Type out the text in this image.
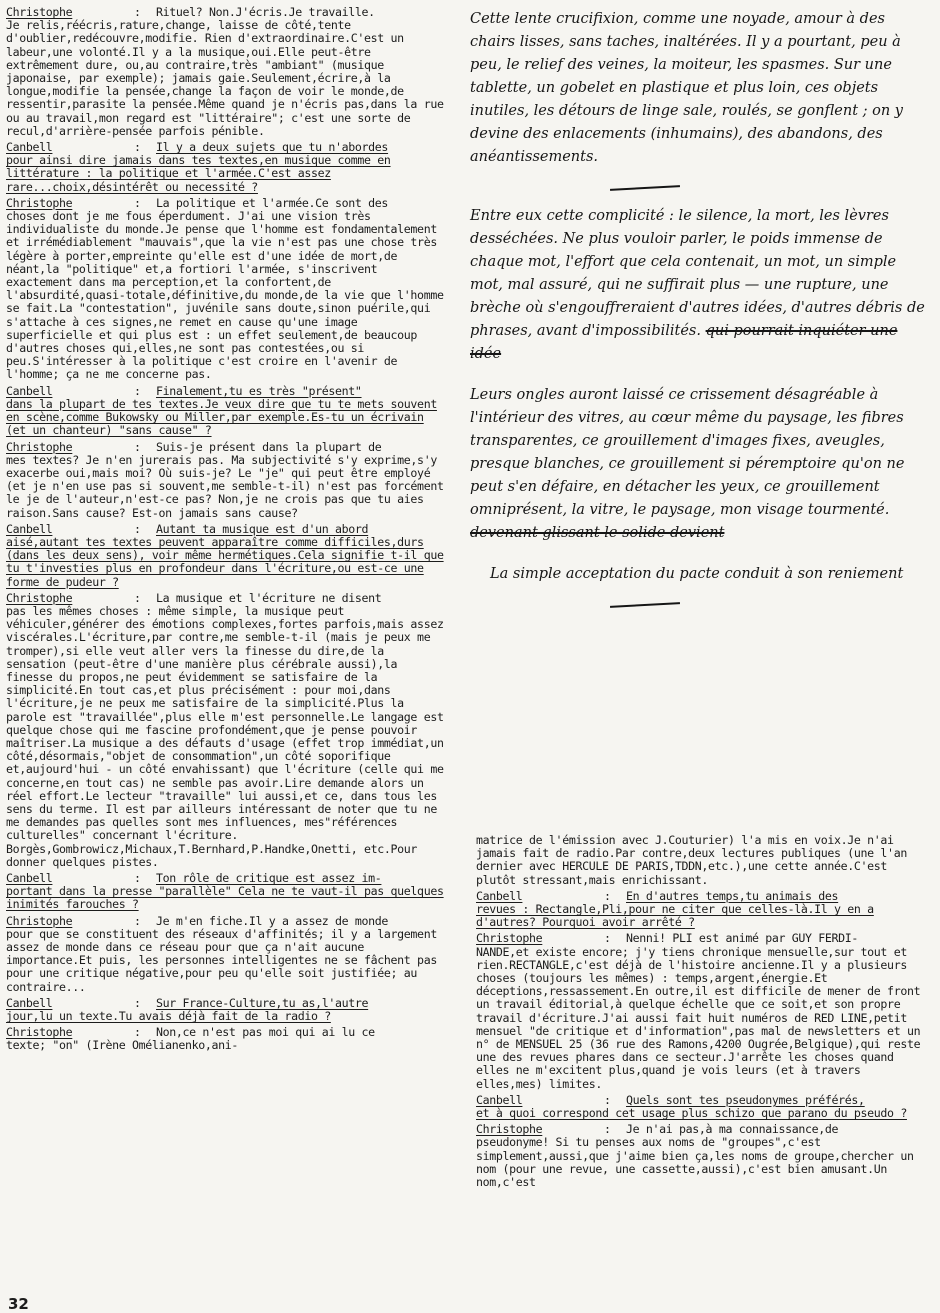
Christophe	:	Rituel? Non.J'écris.Je travaille.
Je relis,réécris,rature,change, laisse de côté,tente d'oublier,redécouvre,modifie. Rien d'extraordinaire.C'est un labeur,une volonté.Il y a la musique,oui.Elle peut-être extrêmement dure, ou,au contraire,très "ambiant" (musique japonaise, par exemple); jamais gaie.Seulement,écrire,à la longue,modifie la pensée,change la façon de voir le monde,de ressentir,parasite la pensée.Même quand je n'écris pas,dans la rue ou au travail,mon regard est "littéraire"; c'est une sorte de recul,d'arrière-pensée parfois pénible.
Canbell	:	Il y a deux sujets que tu n'abordes
pour ainsi dire jamais dans tes textes,en musique comme en littérature : la politique et l'armée.C'est assez rare...choix,désintérêt ou necessité ?
Christophe	:	La politique et l'armée.Ce sont des
choses dont je me fous éperdument. J'ai une vision très individualiste du monde.Je pense que l'homme est fondamentalement et irrémédiablement "mauvais",que la vie n'est pas une chose très légère à porter,empreinte qu'elle est d'une idée de mort,de néant,la "politique" et,a fortiori l'armée, s'inscrivent exactement dans ma perception,et la confortent,de l'absurdité,quasi-totale,définitive,du monde,de la vie que l'homme se fait.La "contestation", juvénile sans doute,sinon puérile,qui s'attache à ces signes,ne remet en cause qu'une image superficielle et qui plus est : un effet seulement,de beaucoup d'autres choses qui,elles,ne sont pas contestées,ou si peu.S'intéresser à la politique c'est croire en l'avenir de l'homme; ça ne me concerne pas.
Canbell	:	Finalement,tu es très "présent"
dans la plupart de tes textes.Je veux dire que tu te mets souvent en scène,comme Bukowsky ou Miller,par exemple.Es-tu un écrivain (et un chanteur) "sans cause" ?
Christophe	:	Suis-je présent dans la plupart de
mes textes? Je n'en jurerais pas. Ma subjectivité s'y exprime,s'y exacerbe oui,mais moi? Où suis-je? Le "je" qui peut être employé (et je n'en use pas si souvent,me semble-t-il) n'est pas forcément le je de l'auteur,n'est-ce pas? Non,je ne crois pas que tu aies raison.Sans cause? Est-on jamais sans cause?
Canbell	:	Autant ta musique est d'un abord
aisé,autant tes textes peuvent apparaître comme difficiles,durs (dans les deux sens), voir même hermétiques.Cela signifie t-il que tu t'investies plus en profondeur dans l'écriture,ou est-ce une forme de pudeur ?
Christophe	:	La musique et l'écriture ne disent
pas les mêmes choses : même simple, la musique peut véhiculer,générer des émotions complexes,fortes parfois,mais assez viscérales.L'écriture,par contre,me semble-t-il (mais je peux me tromper),si elle veut aller vers la finesse du dire,de la sensation (peut-être d'une manière plus cérébrale aussi),la finesse du propos,ne peut évidemment se satisfaire de la simplicité.En tout cas,et plus précisément : pour moi,dans l'écriture,je ne peux me satisfaire de la simplicité.Plus la parole est "travaillée",plus elle m'est personnelle.Le langage est quelque chose qui me fascine profondément,que je pense pouvoir maîtriser.La musique a des défauts d'usage (effet trop immédiat,un côté,désormais,"objet de consommation",un côté soporifique et,aujourd'hui - un côté envahissant) que l'écriture (celle qui me concerne,en tout cas) ne semble pas avoir.Lire demande alors un réel effort.Le lecteur "travaille" lui aussi,et ce, dans tous les sens du terme. Il est par ailleurs intéressant de noter que tu ne me demandes pas quelles sont mes influences, mes"références culturelles" concernant l'écriture. Borgès,Gombrowicz,Michaux,T.Bernhard,P.Handke,Onetti, etc.Pour donner quelques pistes.
Canbell	:	Ton rôle de critique est assez im-
portant dans la presse "parallèle" Cela ne te vaut-il pas quelques inimités farouches ?
Christophe	:	Je m'en fiche.Il y a assez de monde
pour que se constituent des réseaux d'affinités; il y a largement assez de monde dans ce réseau pour que ça n'ait aucune importance.Et puis, les personnes intelligentes ne se fâchent pas pour une critique négative,pour peu qu'elle soit justifiée; au contraire...
Canbell	:	Sur France-Culture,tu as,l'autre
jour,lu un texte.Tu avais déjà fait de la radio ?
Christophe	:	Non,ce n'est pas moi qui ai lu ce
texte; "on" (Irène Omélianenko,ani-

Cette lente crucifixion, comme une noyade, amour à des chairs lisses, sans taches, inaltérées. Il y a pourtant, peu à peu, le relief des veines, la moiteur, les spasmes. Sur une tablette, un gobelet en plastique et plus loin, ces objets inutiles, les détours de linge sale, roulés, se gonflent ; on y devine des enlacements (inhumains), des abandons, des anéantissements.

Entre eux cette complicité : le silence, la mort, les lèvres desséchées. Ne plus vouloir parler, le poids immense de chaque mot, l'effort que cela contenait, un mot, un simple mot, mal assuré, qui ne suffirait plus — une rupture, une brèche où s'engouffreraient d'autres idées, d'autres débris de phrases, avant d'impossibilités. qui pourrait inquiéter une idée

Leurs ongles auront laissé ce crissement désagréable à l'intérieur des vitres, au cœur même du paysage, les fibres transparentes, ce grouillement d'images fixes, aveugles, presque blanches, ce grouillement si péremptoire qu'on ne peut s'en défaire, en détacher les yeux, ce grouillement omniprésent, la vitre, le paysage, mon visage tourmenté. devenant glissant le solide devient

La simple acceptation du pacte conduit à son reniement

matrice de l'émission avec J.Couturier) l'a mis en voix.Je n'ai jamais fait de radio.Par contre,deux lectures publiques (une l'an dernier avec HERCULE DE PARIS,TDDN,etc.),une cette année.C'est plutôt stressant,mais enrichissant.
Canbell	:	En d'autres temps,tu animais des
revues : Rectangle,Pli,pour ne citer que celles-là.Il y en a d'autres? Pourquoi avoir arrêté ?
Christophe	:	Nenni! PLI est animé par GUY FERDI-
NANDE,et existe encore; j'y tiens chronique mensuelle,sur tout et rien.RECTANGLE,c'est déjà de l'histoire ancienne.Il y a plusieurs choses (toujours les mêmes) : temps,argent,énergie.Et déceptions,ressassement.En outre,il est difficile de mener de front un travail éditorial,à quelque échelle que ce soit,et son propre travail d'écriture.J'ai aussi fait huit numéros de RED LINE,petit mensuel "de critique et d'information",pas mal de newsletters et un n° de MENSUEL 25 (36 rue des Ramons,4200 Ougrée,Belgique),qui reste une des revues phares dans ce secteur.J'arrête les choses quand elles ne m'excitent plus,quand je vois leurs (et à travers elles,mes) limites.
Canbell	:	Quels sont tes pseudonymes préférés,
et à quoi correspond cet usage plus schizo que parano du pseudo ?
Christophe	:	Je n'ai pas,à ma connaissance,de
pseudonyme! Si tu penses aux noms de "groupes",c'est simplement,aussi,que j'aime bien ça,les noms de groupe,chercher un nom (pour une revue, une cassette,aussi),c'est bien amusant.Un nom,c'est
32
